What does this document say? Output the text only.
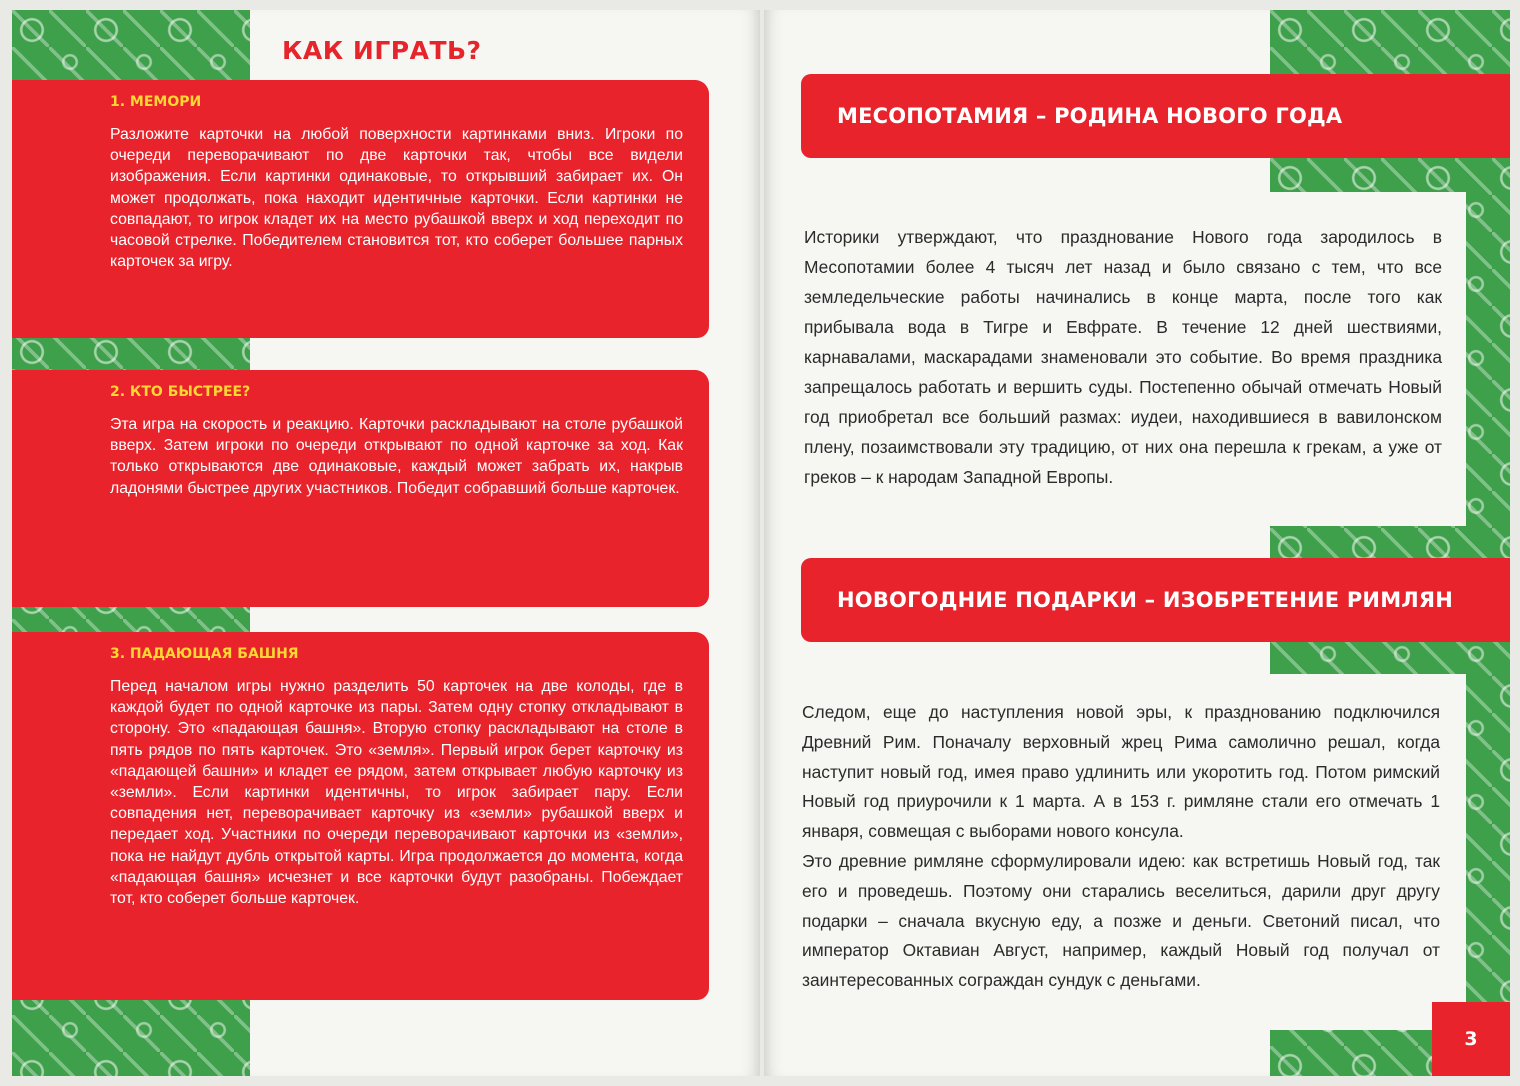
КАК ИГРАТЬ?
1. МЕМОРИ

Разложите карточки на любой поверхности картинками вниз. Игроки по очереди переворачивают по две карточки так, чтобы все видели изображения. Если картинки одинаковые, то открывший забирает их. Он может продолжать, пока находит идентичные карточки. Если картинки не совпадают, то игрок кладет их на место рубашкой вверх и ход переходит по часовой стрелке. Победителем становится тот, кто соберет большее парных карточек за игру.

2. КТО БЫСТРЕЕ?

Эта игра на скорость и реакцию. Карточки раскладывают на столе рубашкой вверх. Затем игроки по очереди открывают по одной карточке за ход. Как только открываются две одинаковые, каждый может забрать их, накрыв ладонями быстрее других участников. Победит собравший больше карточек.

3. ПАДАЮЩАЯ БАШНЯ

Перед началом игры нужно разделить 50 карточек на две колоды, где в каждой будет по одной карточке из пары. Затем одну стопку откладывают в сторону. Это «падающая башня». Вторую стопку раскладывают на столе в пять рядов по пять карточек. Это «земля». Первый игрок берет карточку из «падающей башни» и кладет ее рядом, затем открывает любую карточку из «земли». Если картинки идентичны, то игрок забирает пару. Если совпадения нет, переворачивает карточку из «земли» рубашкой вверх и передает ход. Участники по очереди переворачивают карточки из «земли», пока не найдут дубль открытой карты. Игра продолжается до момента, когда «падающая башня» исчезнет и все карточки будут разобраны. Побеждает тот, кто соберет больше карточек.

МЕСОПОТАМИЯ – РОДИНА НОВОГО ГОДА

Историки утверждают, что празднование Нового года зародилось в Месопотамии более 4 тысяч лет назад и было связано с тем, что все земледельческие работы начинались в конце марта, после того как прибывала вода в Тигре и Евфрате. В течение 12 дней шествиями, карнавалами, маскарадами знаменовали это событие. Во время праздника запрещалось работать и вершить суды. Постепенно обычай отмечать Новый год приобретал все больший размах: иудеи, находившиеся в вавилонском плену, позаимствовали эту традицию, от них она перешла к грекам, а уже от греков – к народам Западной Европы.

НОВОГОДНИЕ ПОДАРКИ – ИЗОБРЕТЕНИЕ РИМЛЯН

Следом, еще до наступления новой эры, к празднованию подключился Древний Рим. Поначалу верховный жрец Рима самолично решал, когда наступит новый год, имея право удлинить или укоротить год. Потом римский Новый год приурочили к 1 марта. А в 153 г. римляне стали его отмечать 1 января, совмещая с выборами нового консула.

Это древние римляне сформулировали идею: как встретишь Новый год, так его и проведешь. Поэтому они старались веселиться, дарили друг другу подарки – сначала вкусную еду, а позже и деньги. Светоний писал, что император Октавиан Август, например, каждый Новый год получал от заинтересованных сограждан сундук с деньгами.

3
